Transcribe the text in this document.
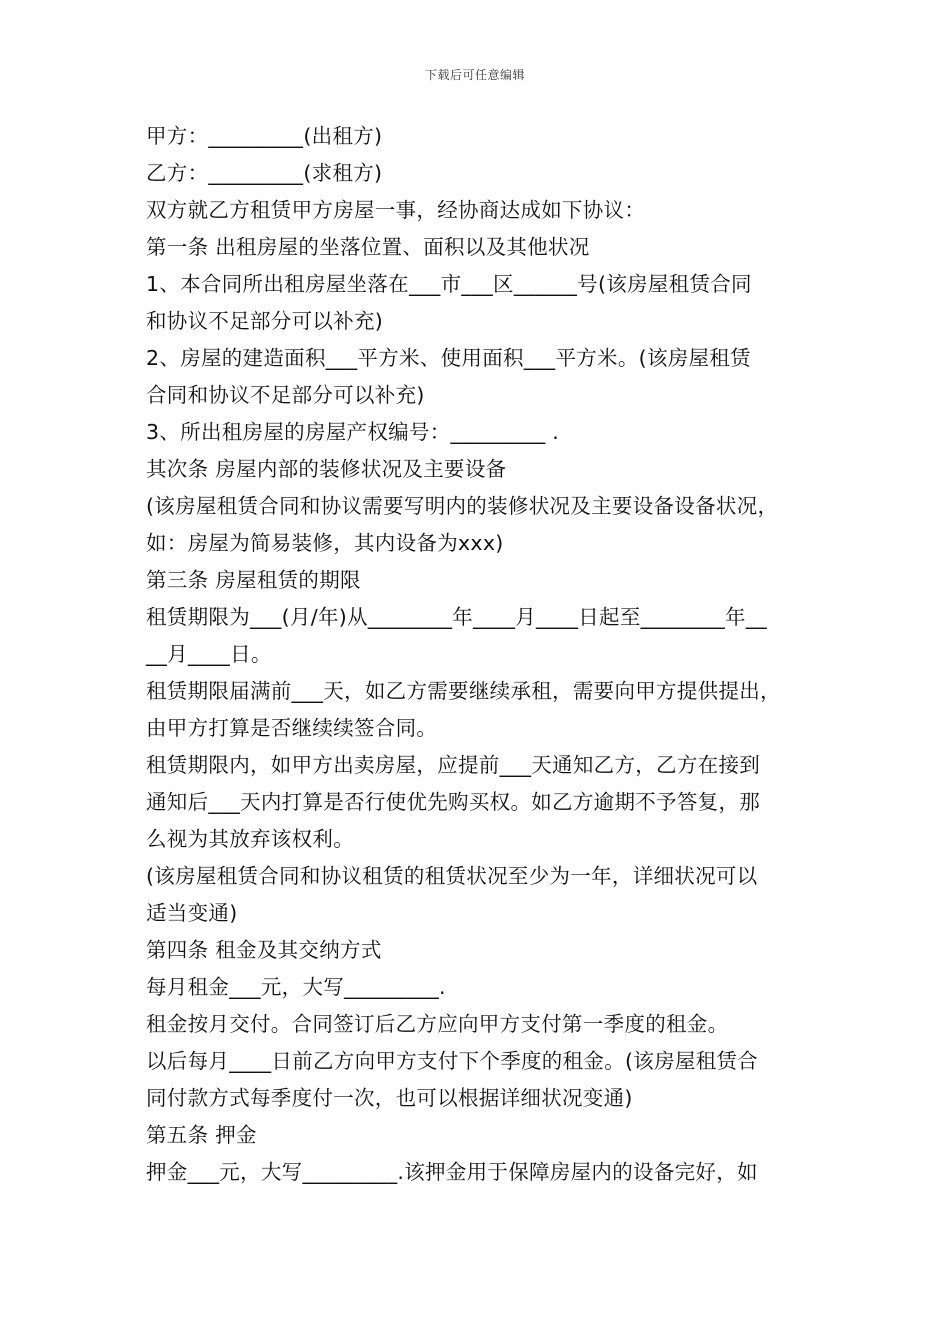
下载后可任意编辑

甲方：_________(出租方)

乙方：_________(求租方)

双方就乙方租赁甲方房屋一事，经协商达成如下协议：

第一条 出租房屋的坐落位置、面积以及其他状况

1、本合同所出租房屋坐落在___市___区______号(该房屋租赁合同

和协议不足部分可以补充)

2、房屋的建造面积___平方米、使用面积___平方米。(该房屋租赁

合同和协议不足部分可以补充)

3、所出租房屋的房屋产权编号：_________ .

其次条 房屋内部的装修状况及主要设备

(该房屋租赁合同和协议需要写明内的装修状况及主要设备设备状况，

如：房屋为简易装修，其内设备为xxx)

第三条 房屋租赁的期限

租赁期限为___(月/年)从________年____月____日起至________年__

__月____日。

租赁期限届满前___天，如乙方需要继续承租，需要向甲方提供提出，

由甲方打算是否继续续签合同。

租赁期限内，如甲方出卖房屋，应提前___天通知乙方，乙方在接到

通知后___天内打算是否行使优先购买权。如乙方逾期不予答复，那

么视为其放弃该权利。

(该房屋租赁合同和协议租赁的租赁状况至少为一年，详细状况可以

适当变通)

第四条 租金及其交纳方式

每月租金___元，大写_________.

租金按月交付。合同签订后乙方应向甲方支付第一季度的租金。

以后每月____日前乙方向甲方支付下个季度的租金。(该房屋租赁合

同付款方式每季度付一次，也可以根据详细状况变通)

第五条 押金

押金___元，大写_________.该押金用于保障房屋内的设备完好，如
